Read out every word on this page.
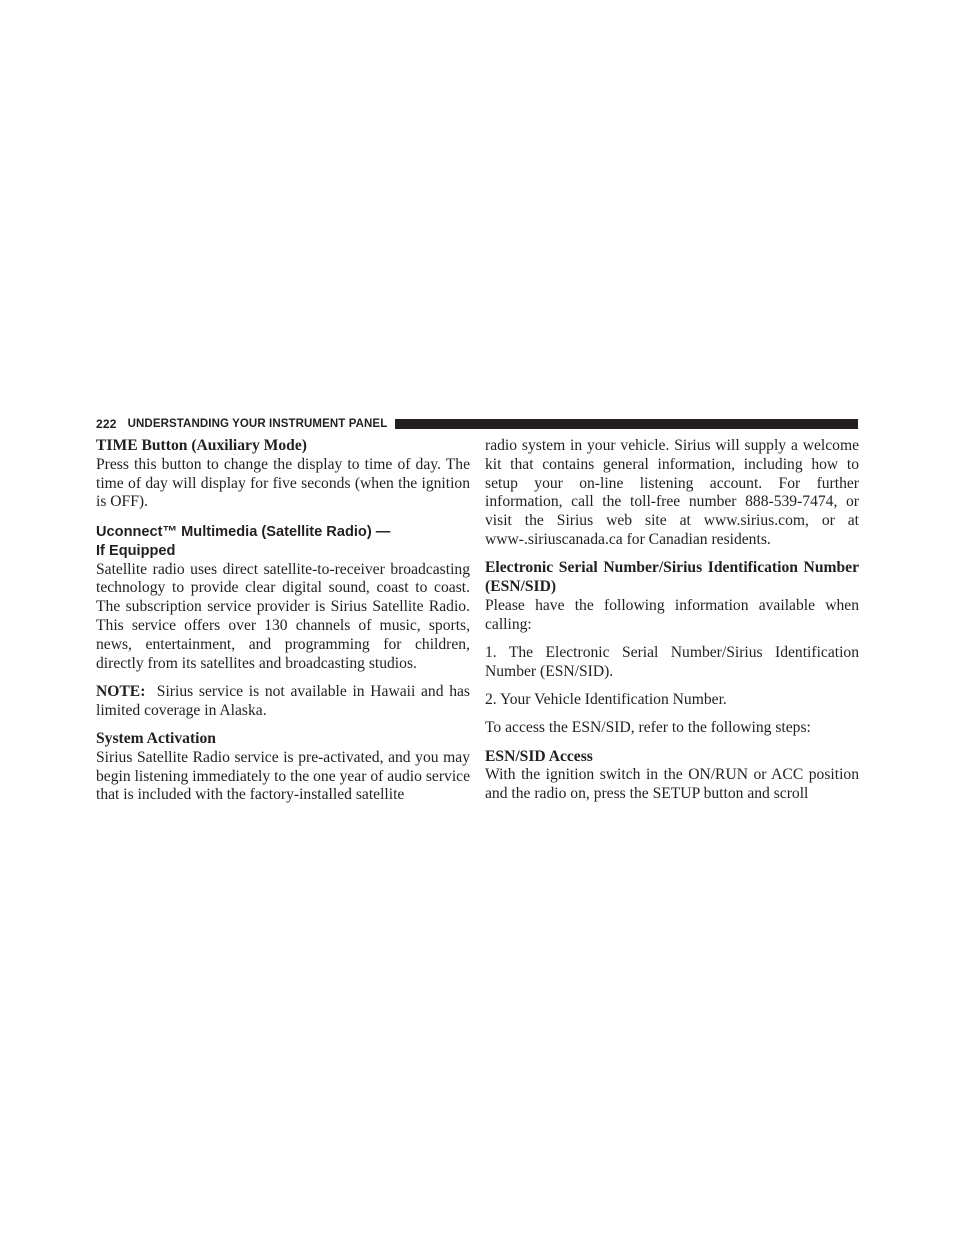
222 UNDERSTANDING YOUR INSTRUMENT PANEL

TIME Button (Auxiliary Mode)

Press this button to change the display to time of day. The time of day will display for five seconds (when the ignition is OFF).

Uconnect™ Multimedia (Satellite Radio) —
If Equipped

Satellite radio uses direct satellite-to-receiver broadcasting technology to provide clear digital sound, coast to coast. The subscription service provider is Sirius Satellite Radio. This service offers over 130 channels of music, sports, news, entertainment, and programming for children, directly from its satellites and broadcasting studios.

NOTE: Sirius service is not available in Hawaii and has limited coverage in Alaska.

System Activation

Sirius Satellite Radio service is pre-activated, and you may begin listening immediately to the one year of audio service that is included with the factory-installed satellite

radio system in your vehicle. Sirius will supply a welcome kit that contains general information, including how to setup your on-line listening account. For further information, call the toll-free number 888-539-7474, or visit the Sirius web site at www.sirius.com, or at www-.siriuscanada.ca for Canadian residents.

Electronic Serial Number/Sirius Identification Number (ESN/SID)

Please have the following information available when calling:

1. The Electronic Serial Number/Sirius Identification Number (ESN/SID).

2. Your Vehicle Identification Number.

To access the ESN/SID, refer to the following steps:

ESN/SID Access

With the ignition switch in the ON/RUN or ACC position and the radio on, press the SETUP button and scroll
